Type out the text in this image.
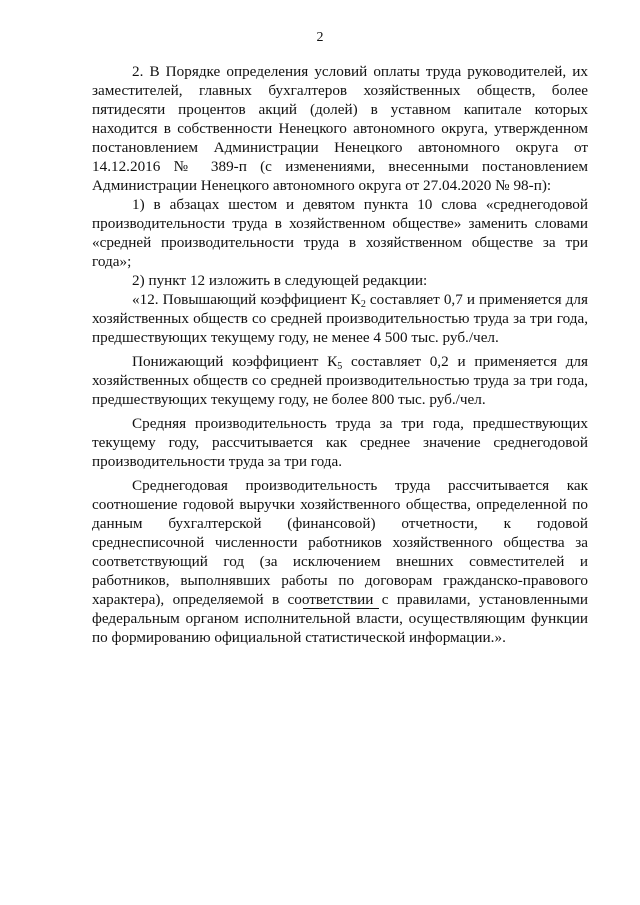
2

2. В Порядке определения условий оплаты труда руководителей, их заместителей, главных бухгалтеров хозяйственных обществ, более пятидесяти процентов акций (долей) в уставном капитале которых находится в собственности Ненецкого автономного округа, утвержденном постановлением Администрации Ненецкого автономного округа от 14.12.2016 № 389-п (с изменениями, внесенными постановлением Администрации Ненецкого автономного округа от 27.04.2020 № 98-п):

1) в абзацах шестом и девятом пункта 10 слова «среднегодовой производительности труда в хозяйственном обществе» заменить словами «средней производительности труда в хозяйственном обществе за три года»;

2) пункт 12 изложить в следующей редакции:

«12. Повышающий коэффициент $К_2$ составляет 0,7 и применяется для хозяйственных обществ со средней производительностью труда за три года, предшествующих текущему году, не менее 4 500 тыс. руб./чел.

Понижающий коэффициент $К_5$ составляет 0,2 и применяется для хозяйственных обществ со средней производительностью труда за три года, предшествующих текущему году, не более 800 тыс. руб./чел.

Средняя производительность труда за три года, предшествующих текущему году, рассчитывается как среднее значение среднегодовой производительности труда за три года.

Среднегодовая производительность труда рассчитывается как соотношение годовой выручки хозяйственного общества, определенной по данным бухгалтерской (финансовой) отчетности, к годовой среднесписочной численности работников хозяйственного общества за соответствующий год (за исключением внешних совместителей и работников, выполнявших работы по договорам гражданско-правового характера), определяемой в соответствии с правилами, установленными федеральным органом исполнительной власти, осуществляющим функции по формированию официальной статистической информации.».
